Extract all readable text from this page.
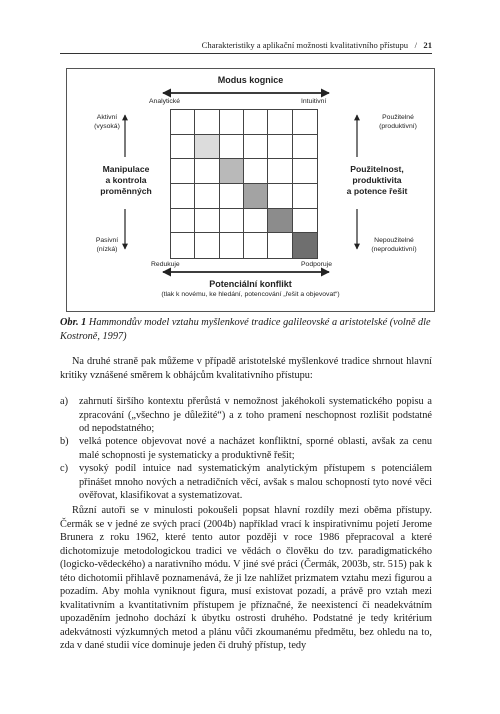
Charakteristiky a aplikační možnosti kvalitativního přístupu / 21
Modus kognice
Analytické	Intuitivní
Aktivní
(vysoká)
Manipulace
a kontrola
proměnných
Pasivní
(nízká)
Použitelné
(produktivní)
Použitelnost,
produktivita
a potence řešit
Nepoužitelné
(neproduktivní)
Redukuje	Podporuje
Potenciální konflikt
(tlak k novému, ke hledání, potencování „řešit a objevovat“)
Obr. 1 Hammondův model vztahu myšlenkové tradice galileovské a aristotelské (volně dle Kostroně, 1997)
Na druhé straně pak můžeme v případě aristotelské myšlenkové tradice shrnout hlavní kritiky vznášené směrem k obhájcům kvalitativního přístupu:
a) zahrnutí širšího kontextu přerůstá v nemožnost jakéhokoli systematického popisu a zpracování („všechno je důležité“) a z toho pramení neschopnost rozlišit podstatné od nepodstatného;
b) velká potence objevovat nové a nacházet konfliktní, sporné oblasti, avšak za cenu malé schopnosti je systematicky a produktivně řešit;
c) vysoký podíl intuice nad systematickým analytickým přístupem s potenciálem přinášet mnoho nových a netradičních věcí, avšak s malou schopností tyto nové věci ověřovat, klasifikovat a systematizovat.
Různí autoři se v minulosti pokoušeli popsat hlavní rozdíly mezi oběma přístupy. Čermák se v jedné ze svých prací (2004b) například vrací k inspirativnímu pojetí Jerome Brunera z roku 1962, které tento autor později v roce 1986 přepracoval a které dichotomizuje metodologickou tradici ve vědách o člověku do tzv. paradigmatického (logicko-vědeckého) a narativního módu. V jiné své práci (Čermák, 2003b, str. 515) pak k této dichotomii přihlavě poznamenává, že ji lze nahlížet prizmatem vztahu mezi figurou a pozadím. Aby mohla vyniknout figura, musí existovat pozadí, a právě pro vztah mezi kvalitativním a kvantitativním přístupem je příznačné, že neexistencí či neadekvátním upozaděním jednoho dochází k úbytku ostrosti druhého. Podstatné je tedy kritérium adekvátnosti výzkumných metod a plánu vůči zkoumanému předmětu, bez ohledu na to, zda v dané studii více dominuje jeden či druhý přístup, tedy
